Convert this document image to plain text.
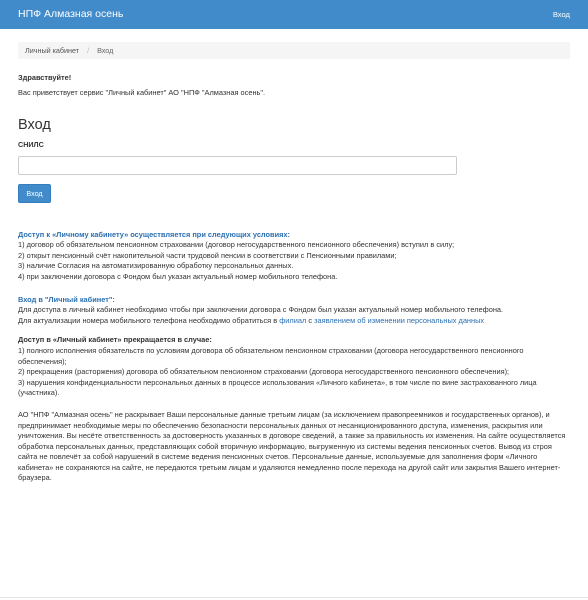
НПФ Алмазная осень	Вход
Личный кабинет / Вход

Здравствуйте!

Вас приветствует сервис "Личный кабинет" АО "НПФ "Алмазная осень".

Вход

СНИЛС

Вход
Доступ к «Личному кабинету» осуществляется при следующих условиях:
1) договор об обязательном пенсионном страховании (договор негосударственного пенсионного обеспечения) вступил в силу;
2) открыт пенсионный счёт накопительной части трудовой пенсии в соответствии с Пенсионными правилами;
3) наличие Согласия на автоматизированную обработку персональных данных.
4) при заключении договора с Фондом был указан актуальный номер мобильного телефона.
Вход в "Личный кабинет":
Для доступа в личный кабинет необходимо чтобы при заключении договора с Фондом был указан актуальный номер мобильного телефона.
Для актуализации номера мобильного телефона необходимо обратиться в филиал с заявлением об изменении персональных данных
Доступ в «Личный кабинет» прекращается в случае:
1) полного исполнения обязательств по условиям договора об обязательном пенсионном страховании (договора негосударственного пенсионного обеспечения);
2) прекращения (расторжения) договора об обязательном пенсионном страховании (договора негосударственного пенсионного обеспечения);
3) нарушения конфиденциальности персональных данных в процессе использования «Личного кабинета», в том числе по вине застрахованного лица (участника).
АО "НПФ "Алмазная осень" не раскрывает Ваши персональные данные третьим лицам (за исключением правопреемников и государственных органов), и предпринимает необходимые меры по обеспечению безопасности персональных данных от несанкционированного доступа, изменения, раскрытия или уничтожения. Вы несёте ответственность за достоверность указанных в договоре сведений, а также за правильность их изменения. На сайте осуществляется обработка персональных данных, представляющих собой вторичную информацию, выгруженную из системы ведения пенсионных счетов. Вывод из строя сайта не повлечёт за собой нарушений в системе ведения пенсионных счетов. Персональные данные, используемые для заполнения форм «Личного кабинета» не сохраняются на сайте, не передаются третьим лицам и удаляются немедленно после перехода на другой сайт или закрытия Вашего интернет-браузера.
